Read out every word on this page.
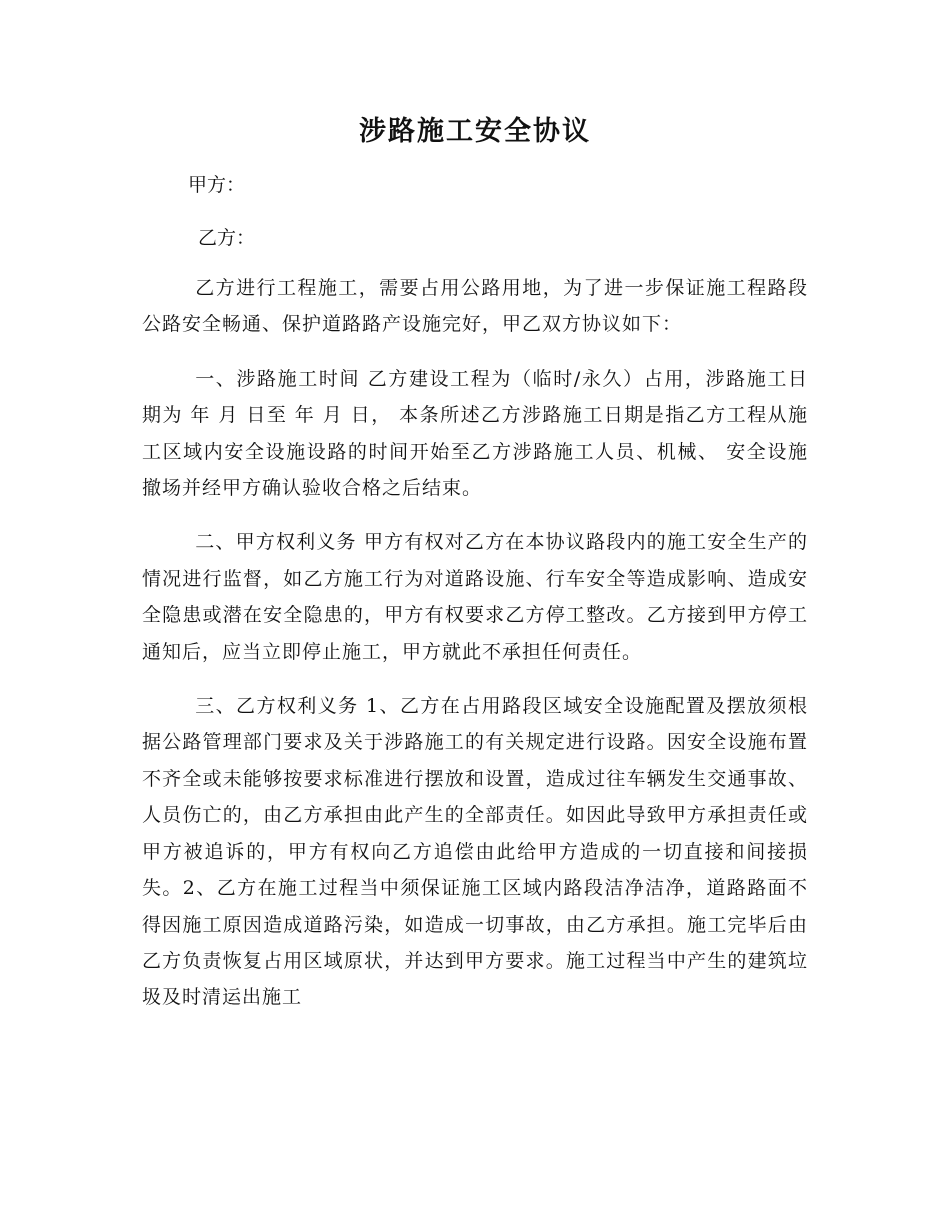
涉路施工安全协议

甲方：

乙方：

乙方进行工程施工，需要占用公路用地，为了进一步保证施工程路段公路安全畅通、保护道路路产设施完好，甲乙双方协议如下：

一、涉路施工时间 乙方建设工程为（临时/永久）占用，涉路施工日期为 年 月 日至 年 月 日， 本条所述乙方涉路施工日期是指乙方工程从施工区域内安全设施设路的时间开始至乙方涉路施工人员、机械、 安全设施撤场并经甲方确认验收合格之后结束。

二、甲方权利义务 甲方有权对乙方在本协议路段内的施工安全生产的情况进行监督，如乙方施工行为对道路设施、行车安全等造成影响、造成安全隐患或潜在安全隐患的，甲方有权要求乙方停工整改。乙方接到甲方停工通知后，应当立即停止施工，甲方就此不承担任何责任。

三、乙方权利义务 1、乙方在占用路段区域安全设施配置及摆放须根据公路管理部门要求及关于涉路施工的有关规定进行设路。因安全设施布置不齐全或未能够按要求标准进行摆放和设置，造成过往车辆发生交通事故、人员伤亡的，由乙方承担由此产生的全部责任。如因此导致甲方承担责任或甲方被追诉的，甲方有权向乙方追偿由此给甲方造成的一切直接和间接损失。2、乙方在施工过程当中须保证施工区域内路段洁净洁净，道路路面不得因施工原因造成道路污染，如造成一切事故，由乙方承担。施工完毕后由乙方负责恢复占用区域原状，并达到甲方要求。施工过程当中产生的建筑垃圾及时清运出施工
